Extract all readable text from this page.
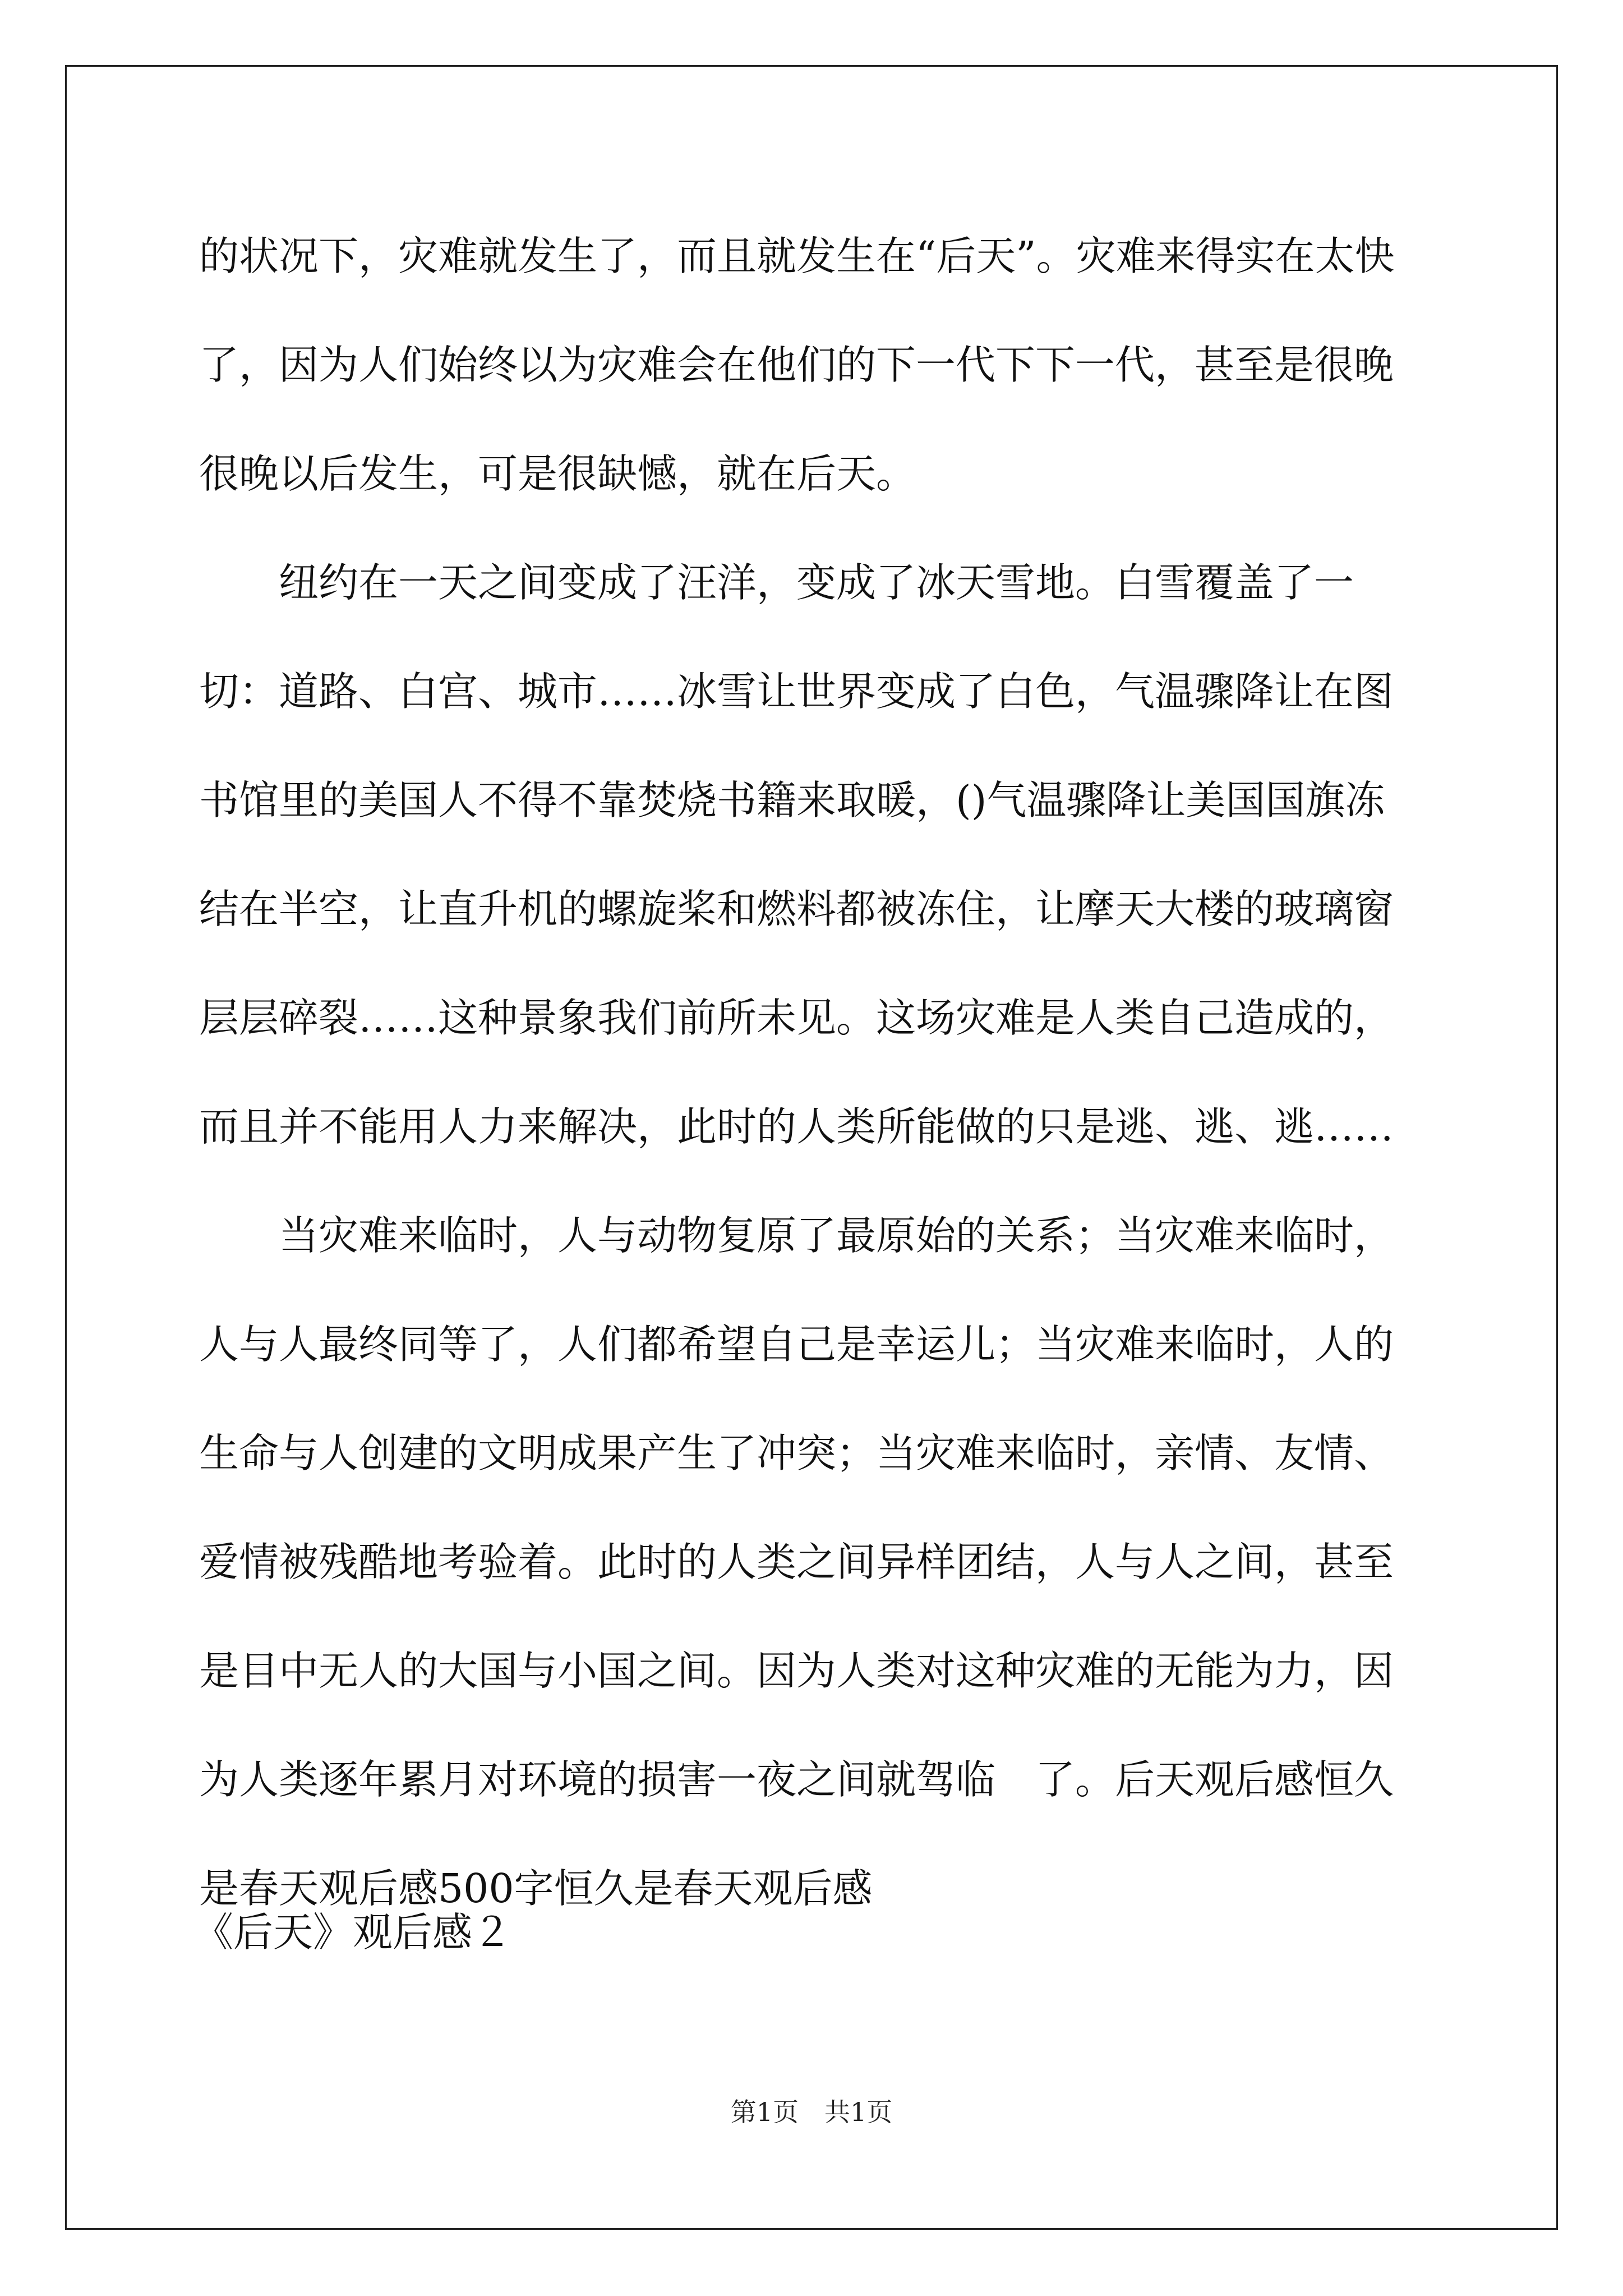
的状况下，灾难就发生了，而且就发生在“后天”。灾难来得实在太快了，因为人们始终以为灾难会在他们的下一代下下一代，甚至是很晚很晚以后发生，可是很缺憾，就在后天。

纽约在一天之间变成了汪洋，变成了冰天雪地。白雪覆盖了一切：道路、白宫、城市……冰雪让世界变成了白色，气温骤降让在图书馆里的美国人不得不靠焚烧书籍来取暖，()气温骤降让美国国旗冻结在半空，让直升机的螺旋桨和燃料都被冻住，让摩天大楼的玻璃窗层层碎裂……这种景象我们前所未见。这场灾难是人类自己造成的，而且并不能用人力来解决，此时的人类所能做的只是逃、逃、逃……

当灾难来临时，人与动物复原了最原始的关系；当灾难来临时，人与人最终同等了，人们都希望自己是幸运儿；当灾难来临时，人的生命与人创建的文明成果产生了冲突；当灾难来临时，亲情、友情、爱情被残酷地考验着。此时的人类之间异样团结，人与人之间，甚至是目中无人的大国与小国之间。因为人类对这种灾难的无能为力，因为人类逐年累月对环境的损害一夜之间就驾临　了。后天观后感恒久是春天观后感500字恒久是春天观后感

《后天》观后感２
第1页　共1页
